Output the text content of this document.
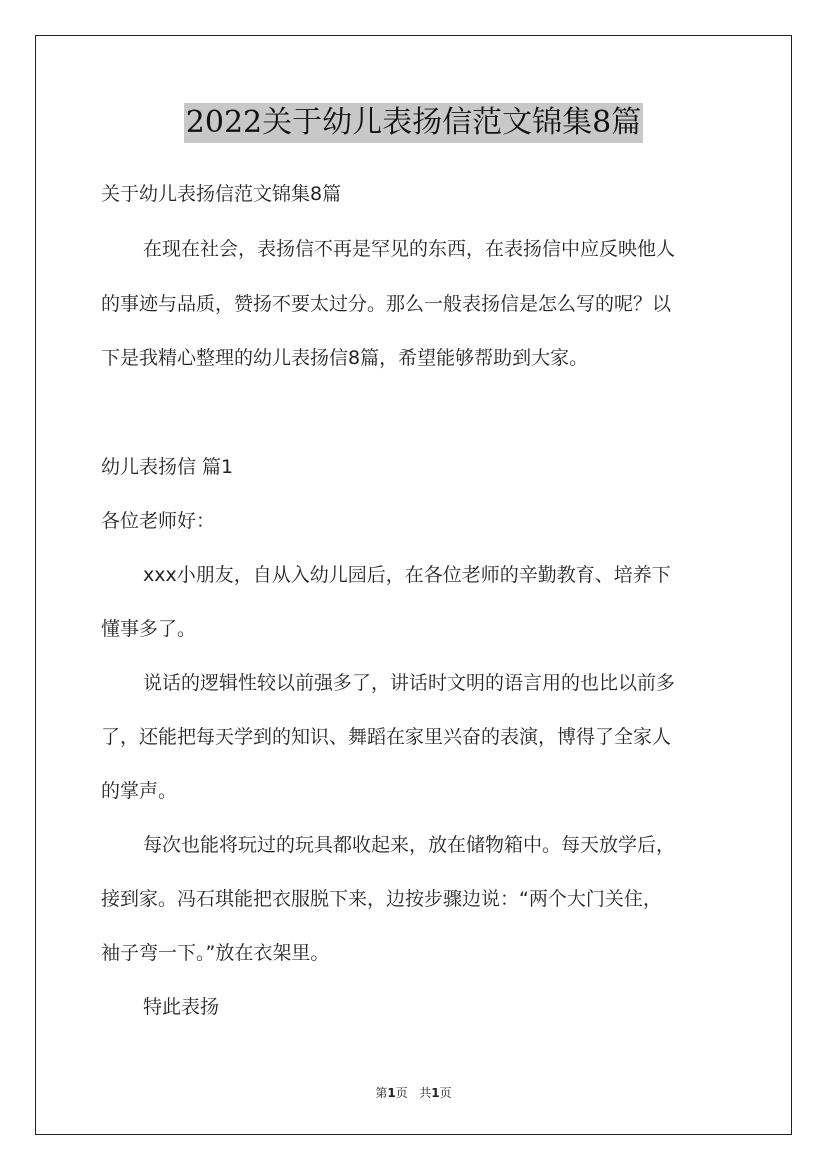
2022关于幼儿表扬信范文锦集8篇

关于幼儿表扬信范文锦集8篇

在现在社会，表扬信不再是罕见的东西，在表扬信中应反映他人

的事迹与品质，赞扬不要太过分。那么一般表扬信是怎么写的呢？以

下是我精心整理的幼儿表扬信8篇，希望能够帮助到大家。

幼儿表扬信 篇1

各位老师好：

xxx小朋友，自从入幼儿园后，在各位老师的辛勤教育、培养下

懂事多了。

说话的逻辑性较以前强多了，讲话时文明的语言用的也比以前多

了，还能把每天学到的知识、舞蹈在家里兴奋的表演，博得了全家人

的掌声。

每次也能将玩过的玩具都收起来，放在储物箱中。每天放学后，

接到家。冯石琪能把衣服脱下来，边按步骤边说：“两个大门关住，

袖子弯一下。”放在衣架里。

特此表扬

第1页 共1页
